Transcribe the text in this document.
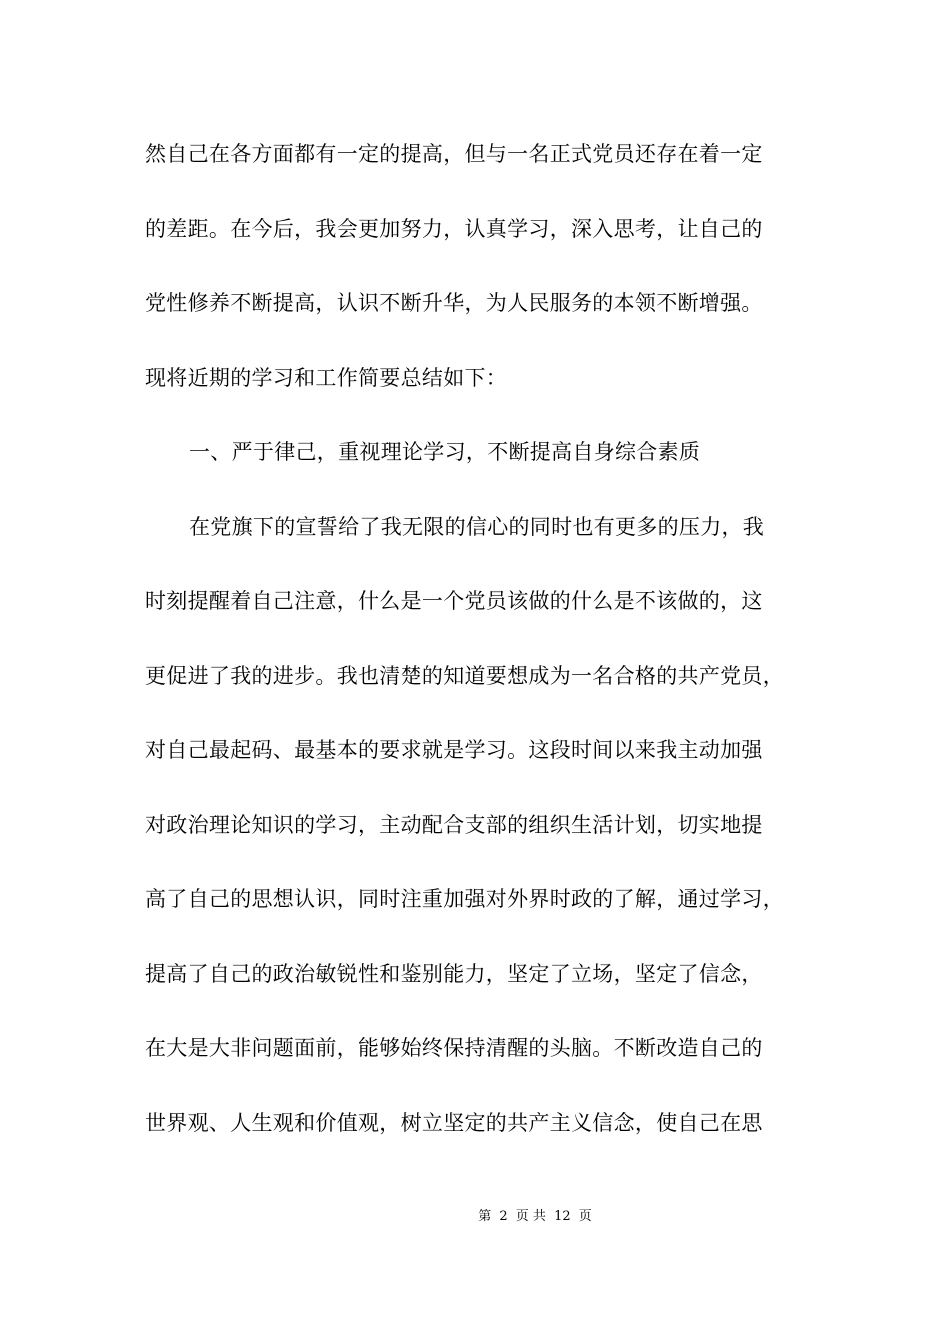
然自己在各方面都有一定的提高，但与一名正式党员还存在着一定
的差距。在今后，我会更加努力，认真学习，深入思考，让自己的
党性修养不断提高，认识不断升华，为人民服务的本领不断增强。
现将近期的学习和工作简要总结如下：
一、严于律己，重视理论学习，不断提高自身综合素质
在党旗下的宣誓给了我无限的信心的同时也有更多的压力，我
时刻提醒着自己注意，什么是一个党员该做的什么是不该做的，这
更促进了我的进步。我也清楚的知道要想成为一名合格的共产党员，
对自己最起码、最基本的要求就是学习。这段时间以来我主动加强
对政治理论知识的学习，主动配合支部的组织生活计划，切实地提
高了自己的思想认识，同时注重加强对外界时政的了解，通过学习，
提高了自己的政治敏锐性和鉴别能力，坚定了立场，坚定了信念，
在大是大非问题面前，能够始终保持清醒的头脑。不断改造自己的
世界观、人生观和价值观，树立坚定的共产主义信念，使自己在思
第 2 页 共 12 页
